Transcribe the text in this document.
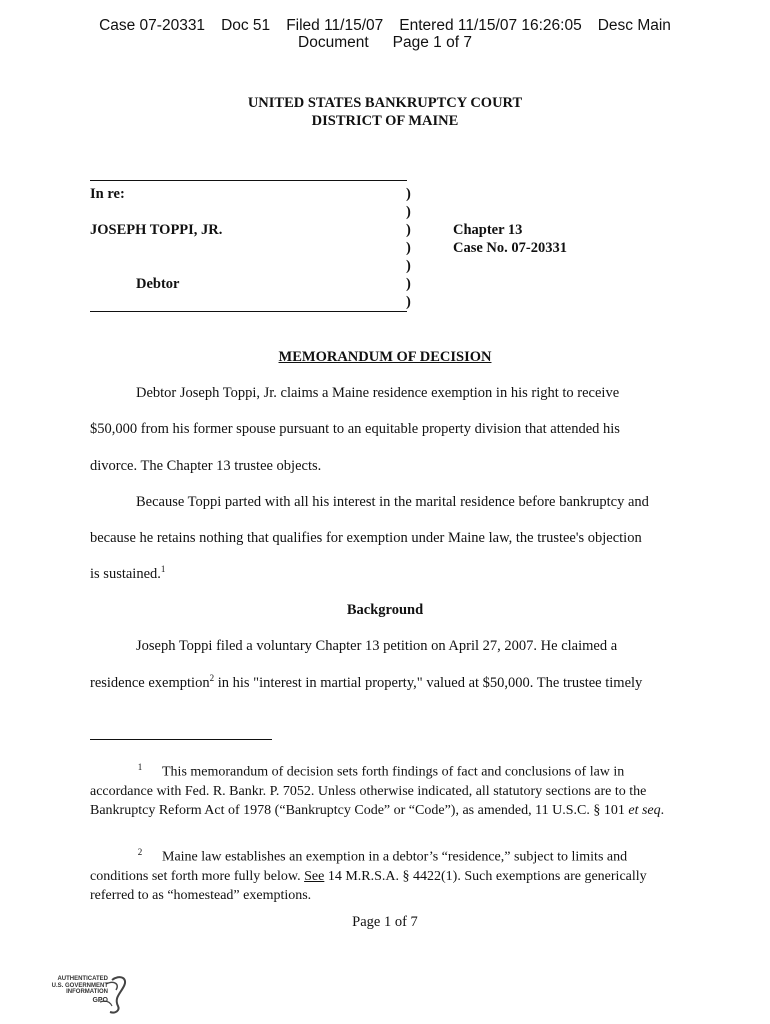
Case 07-20331 Doc 51 Filed 11/15/07 Entered 11/15/07 16:26:05 Desc Main
Document Page 1 of 7
UNITED STATES BANKRUPTCY COURT
DISTRICT OF MAINE
In re:
JOSEPH TOPPI, JR.
Debtor
)
)
)
)
)
)
)
Chapter 13
Case No. 07-20331
MEMORANDUM OF DECISION
Debtor Joseph Toppi, Jr. claims a Maine residence exemption in his right to receive
$50,000 from his former spouse pursuant to an equitable property division that attended his
divorce. The Chapter 13 trustee objects.
Because Toppi parted with all his interest in the marital residence before bankruptcy and
because he retains nothing that qualifies for exemption under Maine law, the trustee's objection
is sustained.$^1$
Background
Joseph Toppi filed a voluntary Chapter 13 petition on April 27, 2007. He claimed a
residence exemption$^2$ in his "interest in martial property," valued at $50,000. The trustee timely
1 This memorandum of decision sets forth findings of fact and conclusions of law in accordance with Fed. R. Bankr. P. 7052. Unless otherwise indicated, all statutory sections are to the Bankruptcy Reform Act of 1978 (“Bankruptcy Code” or “Code”), as amended, 11 U.S.C. § 101 et seq.
2 Maine law establishes an exemption in a debtor’s “residence,” subject to limits and conditions set forth more fully below. See 14 M.R.S.A. § 4422(1). Such exemptions are generically referred to as “homestead” exemptions.
Page 1 of 7
AUTHENTICATED
U.S. GOVERNMENT
INFORMATION
GPO
